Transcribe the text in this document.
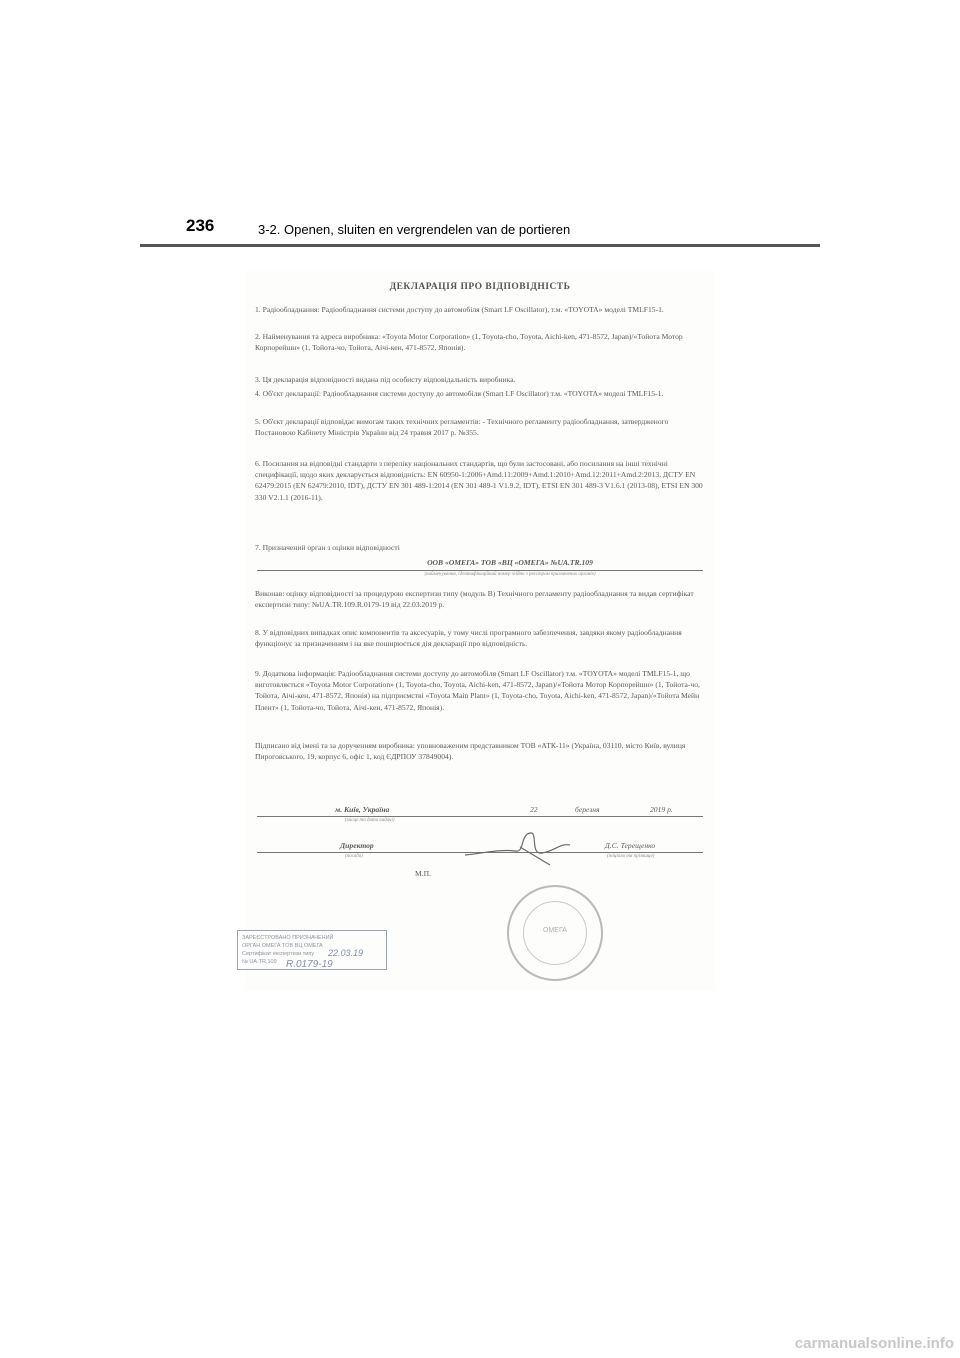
236	3-2. Openen, sluiten en vergrendelen van de portieren
ДЕКЛАРАЦІЯ ПРО ВІДПОВІДНІСТЬ
1. Радіообладнання: Радіообладнання системи доступу до автомобіля (Smart LF Oscillator), т.м. «TOYOTA» моделі TMLF15-1.
2. Найменування та адреса виробника: «Toyota Motor Corporation» (1, Toyota-cho, Toyota, Aichi-ken, 471-8572, Japan)/«Тойота Мотор Корпорейшн» (1, Тойота-чо, Тойота, Аічі-кен, 471-8572, Японія).
3. Ця декларація відповідності видана під особисту відповідальність виробника.
4. Об'єкт декларації: Радіообладнання системи доступу до автомобіля (Smart LF Oscillator) т.м. «TOYOTA» моделі TMLF15-1.
5. Об'єкт декларації відповідає вимогам таких технічних регламентів: - Технічного регламенту радіообладнання, затвердженого Постановою Кабінету Міністрів України від 24 травня 2017 р. №355.
6. Посилання на відповідні стандарти з переліку національних стандартів, що були застосовані, або посилання на інші технічні специфікації, щодо яких декларується відповідність: EN 60950-1:2006+Amd.11:2009+Amd.1:2010+Amd.12:2011+Amd.2:2013, ДСТУ EN 62479:2015 (EN 62479:2010, IDT), ДСТУ EN 301 489-1:2014 (EN 301 489-1 V1.9.2, IDT), ETSI EN 301 489-3 V1.6.1 (2013-08), ETSI EN 300 330 V2.1.1 (2016-11).
7. Призначений орган з оцінки відповідності
ООВ «ОМЕГА» ТОВ «ВЦ «ОМЕГА» №UA.TR.109
(найменування, ідентифікаційний номер згідно з реєстром призначених органів)
Виконав: оцінку відповідності за процедурою експертизи типу (модуль В) Технічного регламенту радіообладнання та видав сертифікат експертизи типу: №UA.TR.109.R.0179-19 від 22.03.2019 р.
8. У відповідних випадках опис компонентів та аксесуарів, у тому числі програмного забезпечення, завдяки якому радіообладнання функціонує за призначенням і на яке поширюється дія декларації про відповідність.
9. Додаткова інформація: Радіообладнання системи доступу до автомобіля (Smart LF Oscillator) т.м. «TOYOTA» моделі TMLF15-1, що виготовляється «Toyota Motor Corporation» (1, Toyota-cho, Toyota, Aichi-ken, 471-8572, Japan)/«Тойота Мотор Корпорейшн» (1, Тойота-чо, Тойота, Аічі-кен, 471-8572, Японія) на підприємстві «Toyota Main Plant» (1, Toyota-cho, Toyota, Aichi-ken, 471-8572, Japan)/«Тойота Мейн Плент» (1, Тойота-чо, Тойота, Аічі-кен, 471-8572, Японія).
Підписано від імені та за дорученням виробника: уповноваженим представником ТОВ «АТК-11» (Україна, 03110, місто Київ, вулиця Пироговського, 19, корпус 6, офіс 1, код ЄДРПОУ 37849004).
м. Київ, Україна	22	березня	2019 р.
(місце та дата видачі)
Директор	Д.С. Терещенко
(посада)	(ініціали та прізвище)
М.П.
ОМЕГА
ЗАРЕЄСТРОВАНО ПРИЗНАЧЕНИЙ
ОРГАН ОМЕГА ТОВ ВЦ ОМЕГА
Сертифікат експертизи типу
№ UA.TR.109
22.03.19
R.0179-19
carmanualsonline.info
